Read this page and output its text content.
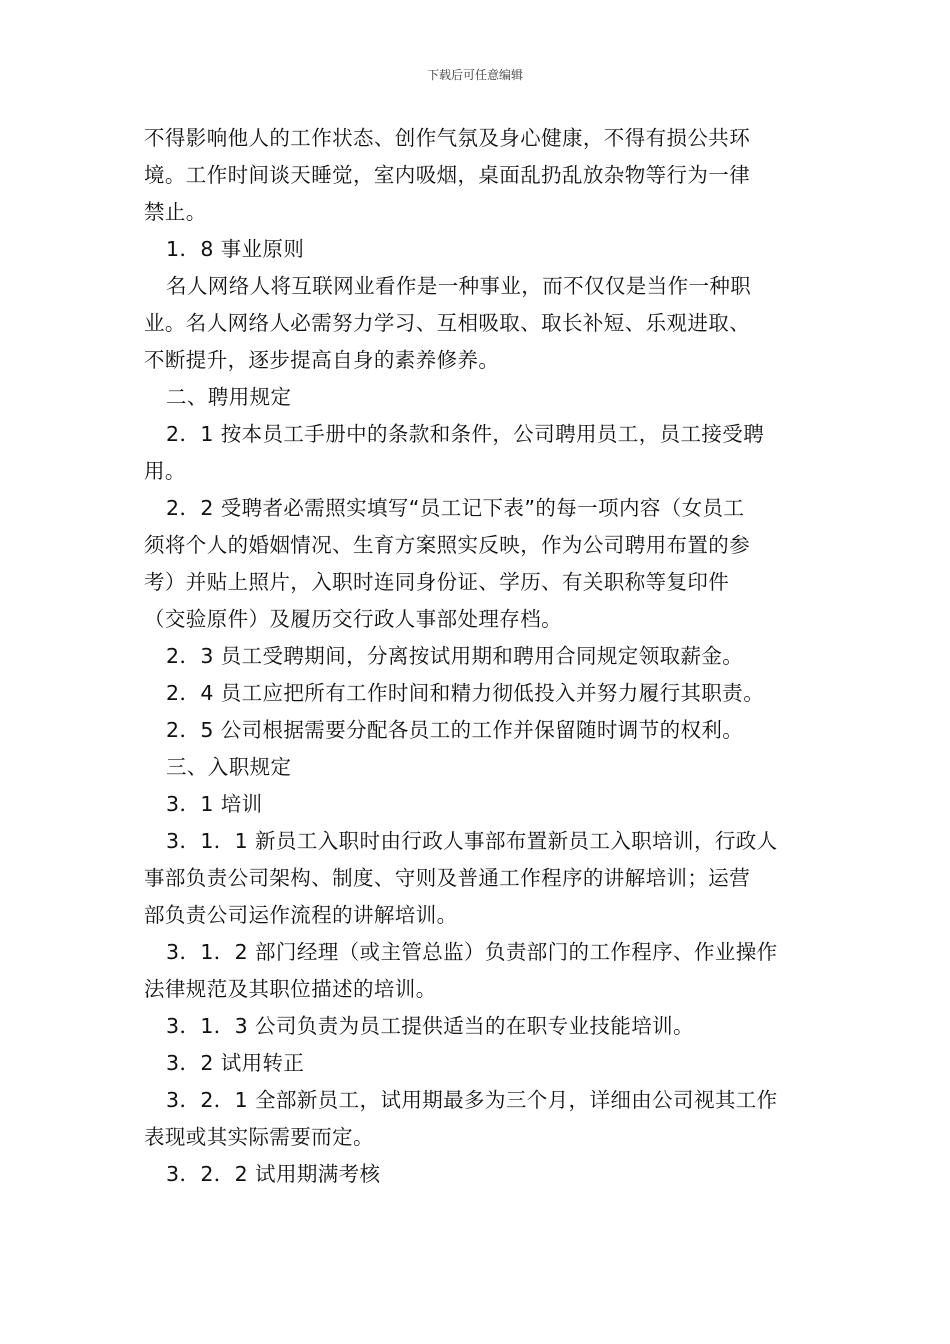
下载后可任意编辑
不得影响他人的工作状态、创作气氛及身心健康，不得有损公共环
境。工作时间谈天睡觉，室内吸烟，桌面乱扔乱放杂物等行为一律
禁止。
1．8 事业原则
名人网络人将互联网业看作是一种事业，而不仅仅是当作一种职
业。名人网络人必需努力学习、互相吸取、取长补短、乐观进取、
不断提升，逐步提高自身的素养修养。
二、聘用规定
2．1 按本员工手册中的条款和条件，公司聘用员工，员工接受聘
用。
2．2 受聘者必需照实填写“员工记下表”的每一项内容（女员工
须将个人的婚姻情况、生育方案照实反映，作为公司聘用布置的参
考）并贴上照片，入职时连同身份证、学历、有关职称等复印件
（交验原件）及履历交行政人事部处理存档。
2．3 员工受聘期间，分离按试用期和聘用合同规定领取薪金。
2．4 员工应把所有工作时间和精力彻低投入并努力履行其职责。
2．5 公司根据需要分配各员工的工作并保留随时调节的权利。
三、入职规定
3．1 培训
3．1．1 新员工入职时由行政人事部布置新员工入职培训，行政人
事部负责公司架构、制度、守则及普通工作程序的讲解培训；运营
部负责公司运作流程的讲解培训。
3．1．2 部门经理（或主管总监）负责部门的工作程序、作业操作
法律规范及其职位描述的培训。
3．1．3 公司负责为员工提供适当的在职专业技能培训。
3．2 试用转正
3．2．1 全部新员工，试用期最多为三个月，详细由公司视其工作
表现或其实际需要而定。
3．2．2 试用期满考核
